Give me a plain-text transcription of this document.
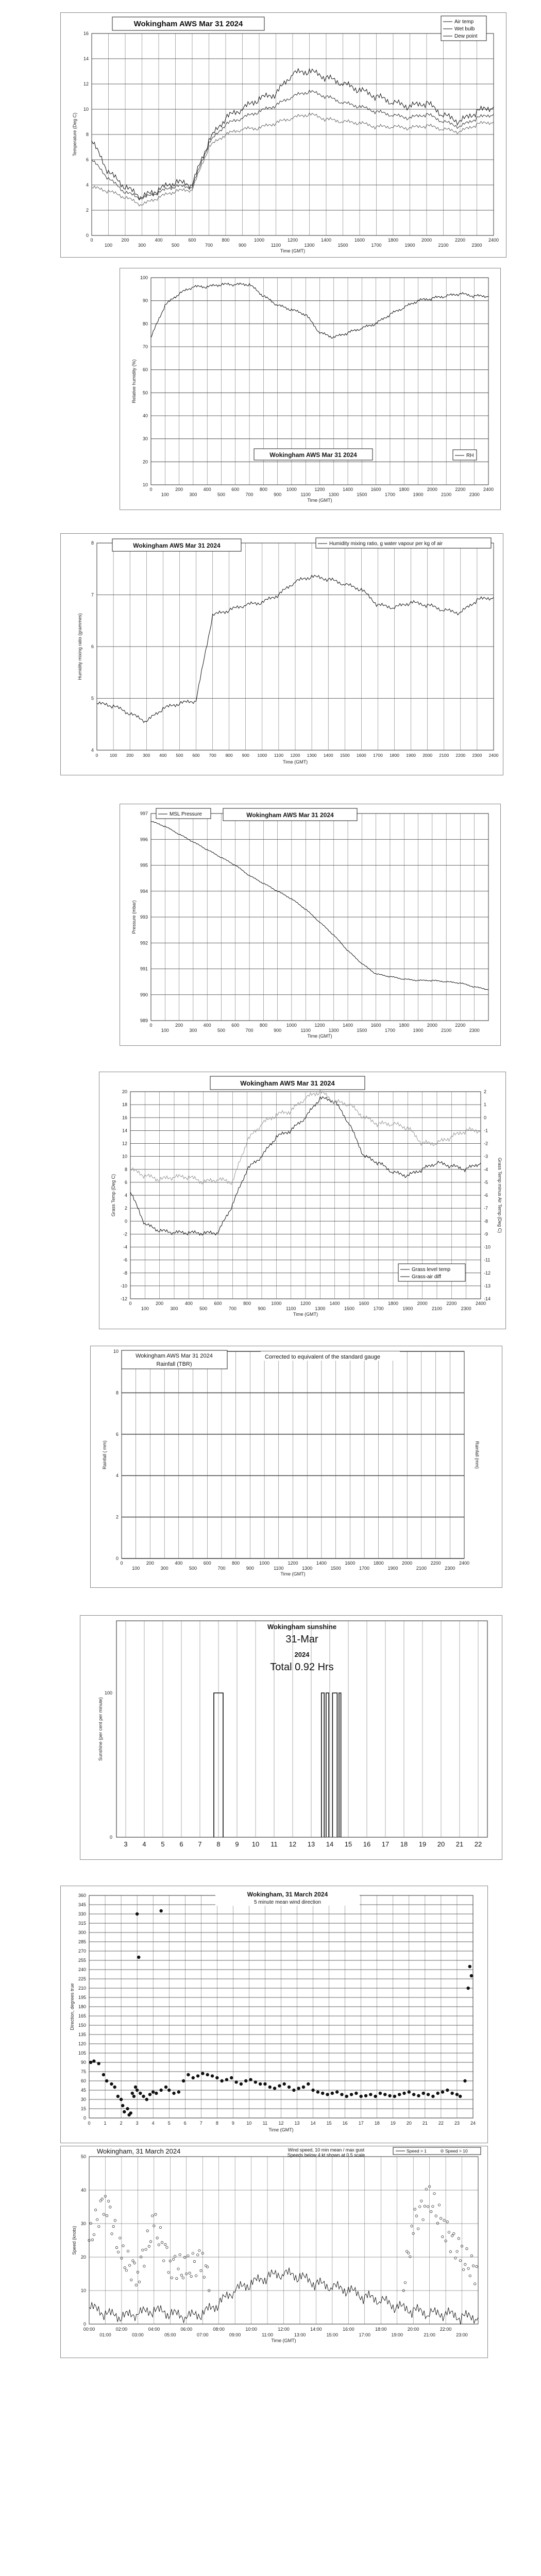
0
2
4
6
8
10
12
14
16
0	200	400	600	800	1000	1200	1400	1600	1800	2000	2200	2400
100	300	500	700	900	1100	1300	1500	1700	1900	2100	2300
Time (GMT)
Temperature (Deg C)
Wokingham AWS Mar 31 2024	Air temp
Wet bulb
Dew point
10
20
30
40
50
60
70
80
90
100
0	200	400	600	800	1000	1200	1400	1600	1800	2000	2200	2400
100	300	500	700	900	1100	1300	1500	1700	1900	2100	2300
Time (GMT)
Relative humidity (%)
Wokingham AWS Mar 31 2024	RH
4
5
6
7
8
0	100 200 300 400 500 600 700 800 900 1000 1100 1200 1300 1400 1500 1600 1700 1800 1900 2000 2100 2200 2300 2400
Time (GMT)
Humidity mixing ratio (grammes)
Wokingham AWS Mar 31 2024	Humidity mixing ratio, g water vapour per kg of air
989
990
991
992
993
994
995
996
997
0	200	400	600	800	1000	1200	1400	1600	1800	2000	2200
100	300	500	700	900	1100	1300	1500	1700	1900	2100	2300
Time (GMT)
Pressure (mbar)
MSL Pressure	Wokingham AWS Mar 31 2024
-12
-10
-8
-6
-4
-2
0
2
4
6
8
10
12
14
16
18
20
0	200	400	600	800	1000	1200	1400	1600	1800	2000	2200	2400
100	300	500	700	900	1100	1300	1500	1700	1900	2100	2300
Time (GMT)
Grass Temp (Deg C)
-14
-13
-12
-11
-10
-9
-8
-7
-6
-5
-4
-3
-2
-1
0
1
2
Grass Temp minus Air Temp (Deg C)
Wokingham AWS Mar 31 2024
Grass level temp
Grass-air diff
0
2
4
6
8
10
0	200	400	600	800	1000	1200	1400	1600	1800	2000	2200	2400
100	300	500	700	900	1100	1300	1500	1700	1900	2100	2300
Time (GMT)
Rainfall ( mm)	Rainfall (mm)
Wokingham AWS Mar 31 2024
Rainfall (TBR)
Corrected to equivalent of the standard gauge
3 4 5 6 7 8 9 10 11 12 13 14 15 16 17 18 19 20 21 22
0
100
Sunshine (per cent per minute)
Wokingham sunshine
31-Mar
2024
Total 0.92 Hrs
0
15
30
45
60
75
90
105
120
135
150
165
180
195
210
225
240
255
270
285
300
315
330
345
360
0	1	2	3	4	5	6	7	8	9	10 11 12 13 14 15 16 17 18 19 20 21 22 23 24
Time (GMT)
Direction, degrees true
Wokingham, 31 March 2024
5 minute mean wind direction
0
10
20
30
40
50
00:00	02:00	04:00	06:00	08:00	10:00	12:00	14:00	16:00	18:00	20:00	22:00
01:00	03:00	05:00	07:00	09:00	11:00	13:00	15:00	17:00	19:00	21:00	23:00
Time (GMT)
Speed (knots)
Wokingham, 31 March 2024	Wind speed, 10 min mean / max gust
Speeds below 4 kt shown at 0.5 scale
Speed > 1	Speed > 10
